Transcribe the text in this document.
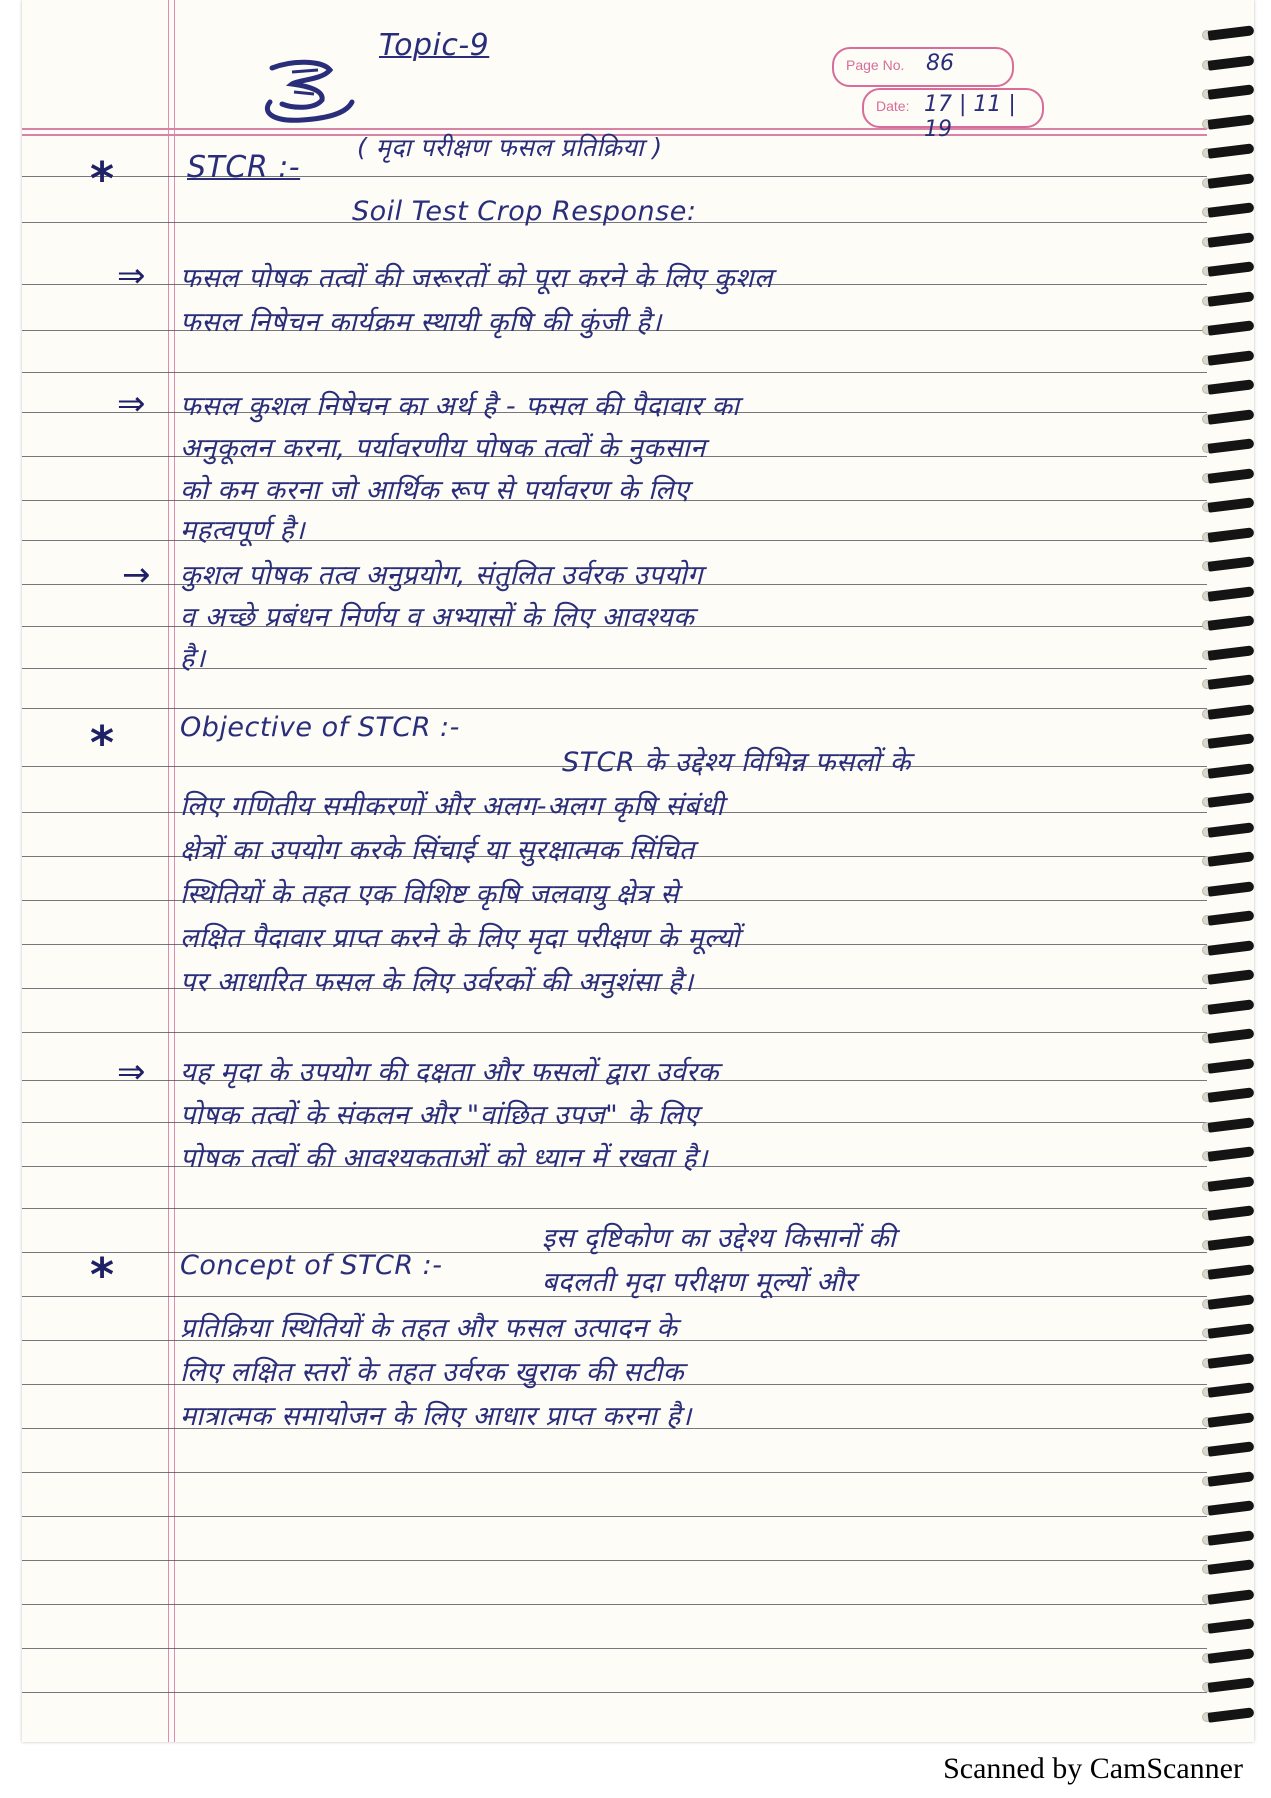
Topic-9
Page No. 86
Date: 17 | 11 | 19
* STCR :-
( मृदा परीक्षण फसल प्रतिक्रिया )
Soil Test Crop Response:
⇒ फसल पोषक तत्वों की जरूरतों को पूरा करने के लिए कुशल
फसल निषेचन कार्यक्रम स्थायी कृषि की कुंजी है।
⇒ फसल कुशल निषेचन का अर्थ है - फसल की पैदावार का
अनुकूलन करना, पर्यावरणीय पोषक तत्वों के नुकसान
को कम करना जो आर्थिक रूप से पर्यावरण के लिए
महत्वपूर्ण है।
→ कुशल पोषक तत्व अनुप्रयोग, संतुलित उर्वरक उपयोग
व अच्छे प्रबंधन निर्णय व अभ्यासों के लिए आवश्यक
है।
* Objective of STCR :-
STCR के उद्देश्य विभिन्न फसलों के
लिए गणितीय समीकरणों और अलग-अलग कृषि संबंधी
क्षेत्रों का उपयोग करके सिंचाई या सुरक्षात्मक सिंचित
स्थितियों के तहत एक विशिष्ट कृषि जलवायु क्षेत्र से
लक्षित पैदावार प्राप्त करने के लिए मृदा परीक्षण के मूल्यों
पर आधारित फसल के लिए उर्वरकों की अनुशंसा है।
⇒ यह मृदा के उपयोग की दक्षता और फसलों द्वारा उर्वरक
पोषक तत्वों के संकलन और "वांछित उपज" के लिए
पोषक तत्वों की आवश्यकताओं को ध्यान में रखता है।
* Concept of STCR :-
इस दृष्टिकोण का उद्देश्य किसानों की
बदलती मृदा परीक्षण मूल्यों और
प्रतिक्रिया स्थितियों के तहत और फसल उत्पादन के
लिए लक्षित स्तरों के तहत उर्वरक खुराक की सटीक
मात्रात्मक समायोजन के लिए आधार प्राप्त करना है।
Scanned by CamScanner
